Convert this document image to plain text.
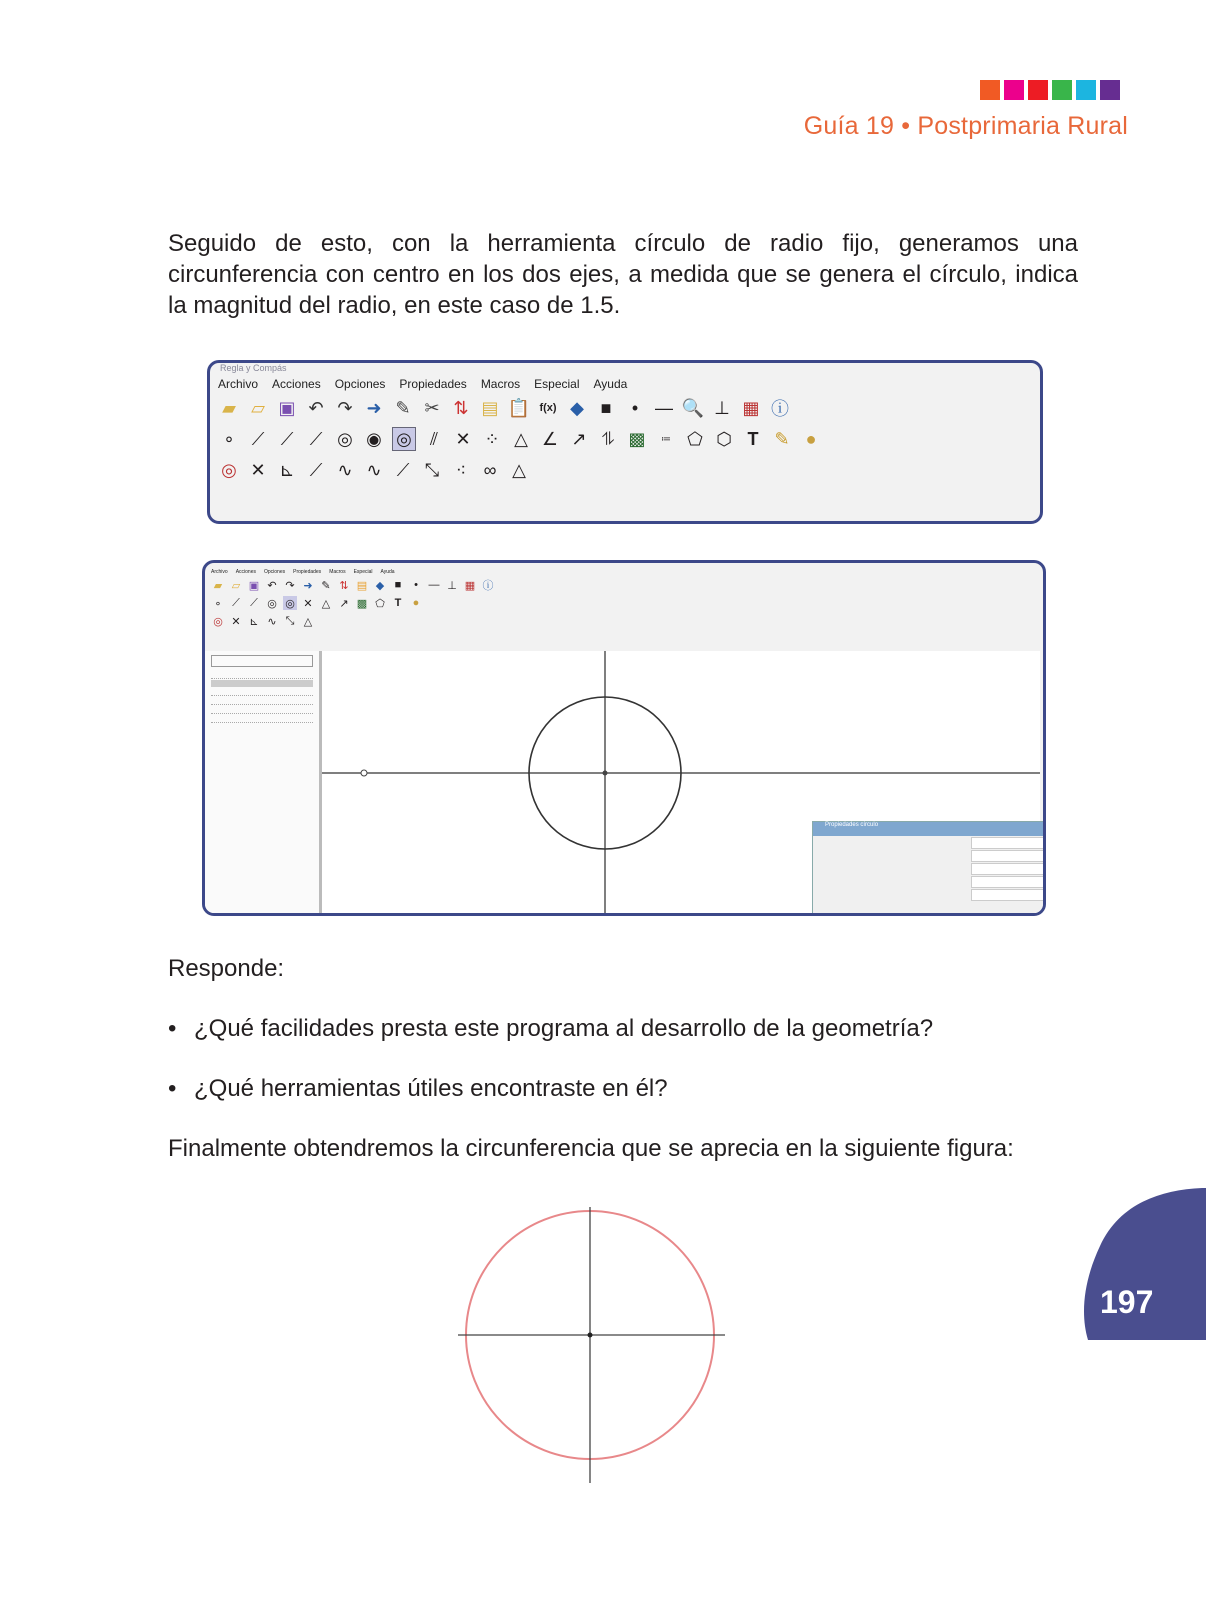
Guía 19 • Postprimaria Rural

Seguido de esto, con la herramienta círculo de radio fijo, generamos una circunferencia con centro en los dos ejes, a medida que se genera el círculo, indica la magnitud del radio, en este caso de 1.5.

Regla y Compás
Archivo Acciones Opciones Propiedades Macros Especial Ayuda
▰ ▱ ▣ ↶ ↷ ➜ ✎ ✂ ⇅ ▤ 📋 f(x) ◆ ■	• — 🔍 ⊥ ▦ ⓘ
∘ ⟋ ⟋ ⟋ ◎ ◉ ◎	⫽ ✕ ⁘ △ ∠ ↗ ⥮ ▩	≔ ⬠ ⬡ T ✎ ●
◎ ✕ ⊾ ⟋ ∿ ∿ ⟋ ⤡ ⁖ ∞ △
Archivo Acciones Opciones Propiedades Macros Especial Ayuda
▰ ▱ ▣ ↶ ↷ ➜ ✎ ⇅ ▤ ◆ ■	• — ⊥ ▦ ⓘ
∘ ⟋ ⟋ ◎ ◎ ✕ △ ↗ ▩ ⬠ T	●
◎ ✕ ⊾ ∿ ⤡ △
Propiedades círculo

Responde:

• ¿Qué facilidades presta este programa al desarrollo de la geometría?
• ¿Qué herramientas útiles encontraste en él?

Finalmente obtendremos la circunferencia que se aprecia en la siguiente figura:

197
